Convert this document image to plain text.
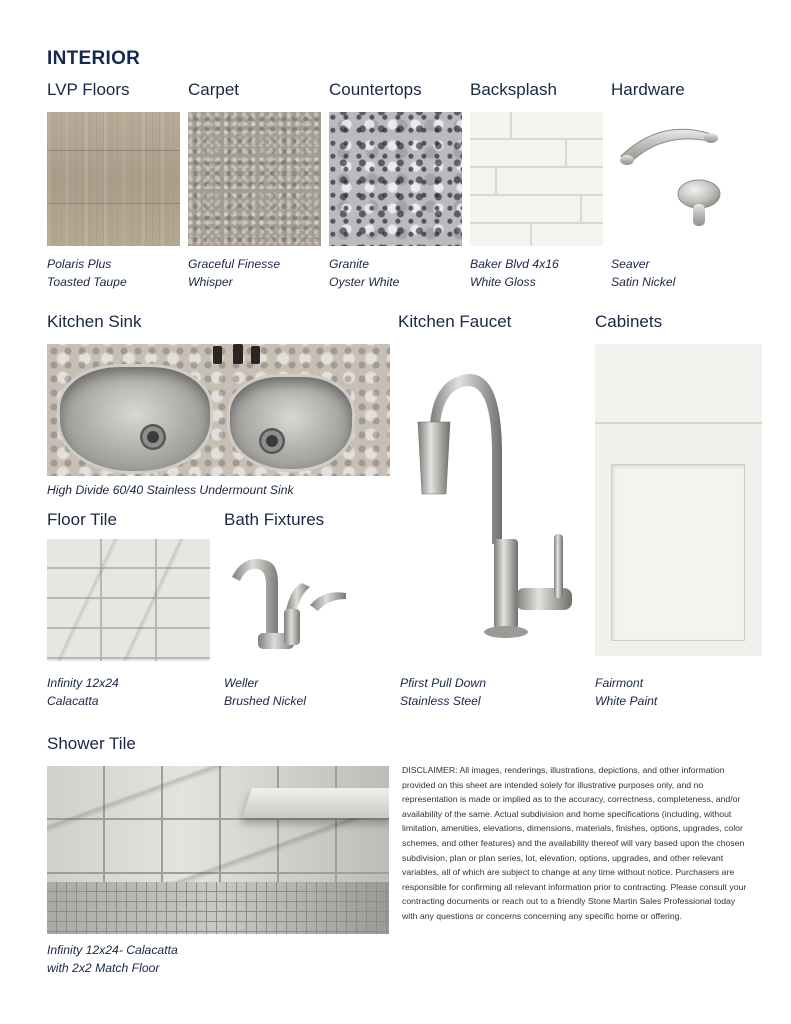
INTERIOR
LVP Floors	Carpet	Countertops	Backsplash	Hardware
Polaris Plus
Toasted Taupe
Graceful Finesse
Whisper
Granite
Oyster White
Baker Blvd 4x16
White Gloss
Seaver
Satin Nickel
Kitchen Sink	Kitchen Faucet	Cabinets
High Divide 60/40 Stainless Undermount Sink
Pfirst Pull Down
Stainless Steel
Fairmont
White Paint
Floor Tile	Bath Fixtures
Infinity 12x24
Calacatta
Weller
Brushed Nickel
Shower Tile
Infinity 12x24- Calacatta
with 2x2 Match Floor
DISCLAIMER: All images, renderings, illustrations, depictions, and other information provided on this sheet are intended solely for illustrative purposes only, and no representation is made or implied as to the accuracy, correctness, completeness, and/or availability of the same. Actual subdivision and home specifications (including, without limitation, amenities, elevations, dimensions, materials, finishes, options, upgrades, color schemes, and other features) and the availability thereof will vary based upon the chosen subdivision, plan or plan series, lot, elevation, options, upgrades, and other relevant variables, all of which are subject to change at any time without notice. Purchasers are responsible for confirming all relevant information prior to contracting. Please consult your contracting documents or reach out to a friendly Stone Martin Sales Professional today with any questions or concerns concerning any specific home or offering.
